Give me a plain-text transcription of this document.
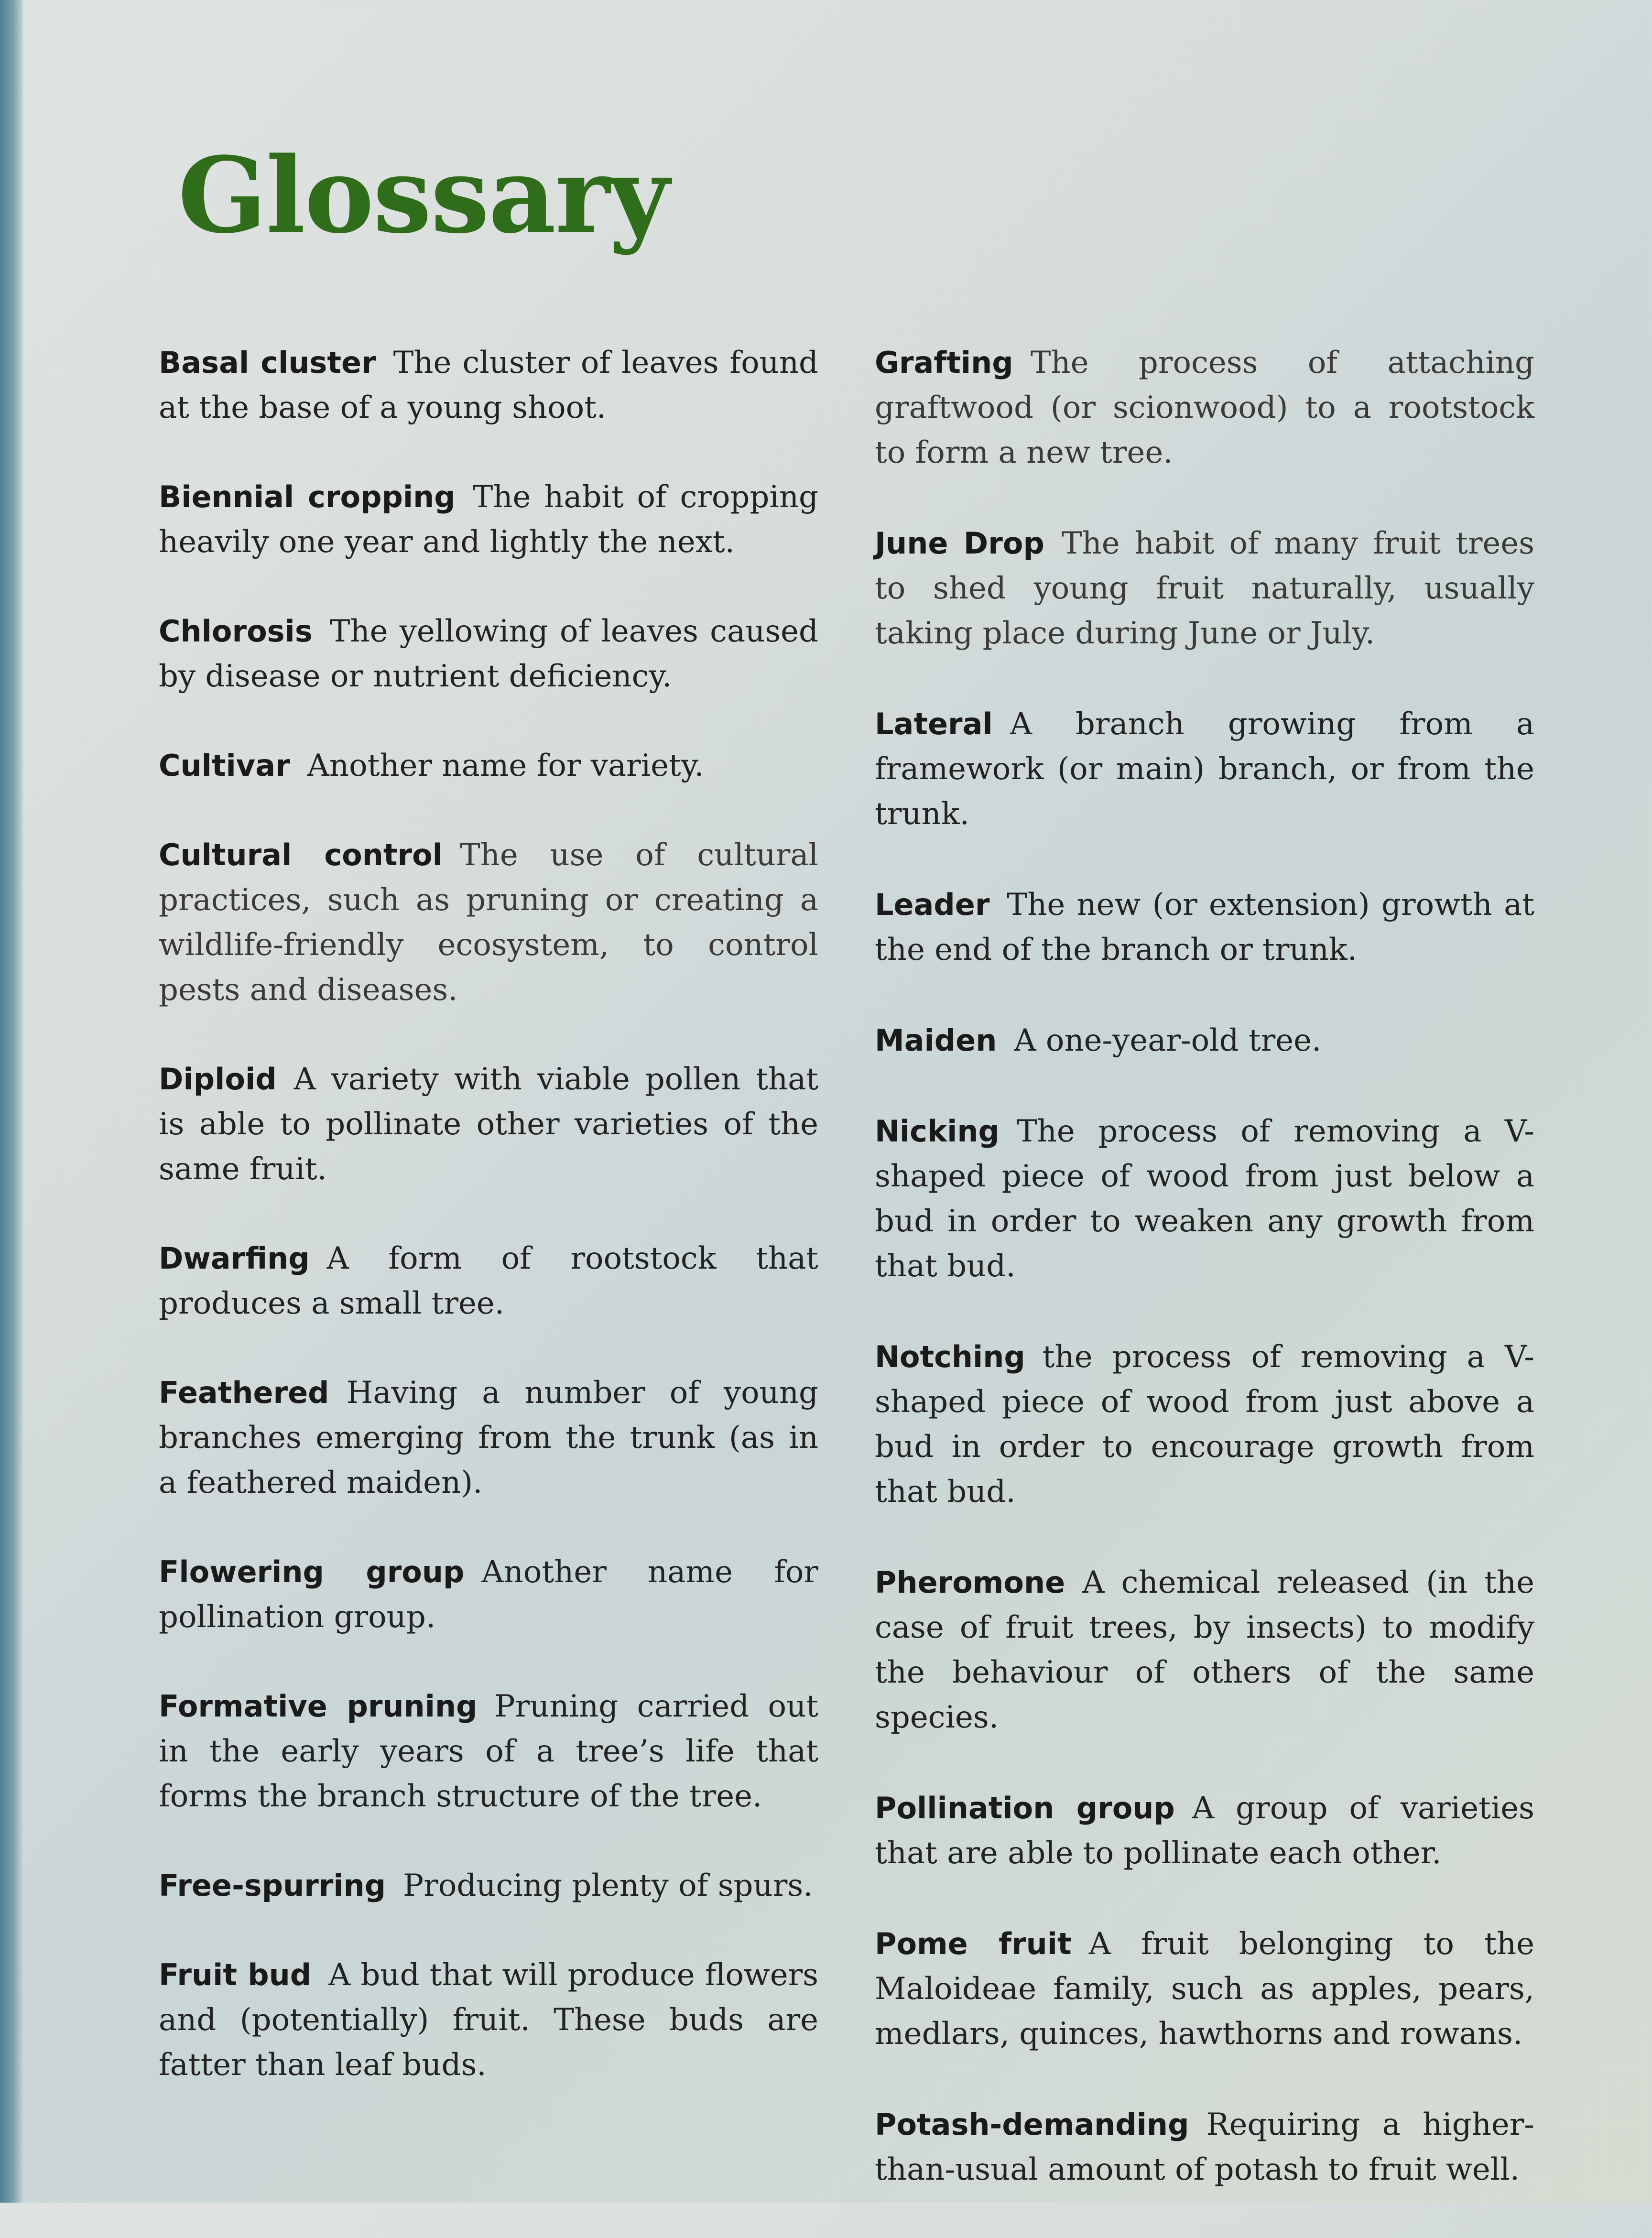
Glossary

Basal cluster The cluster of leaves found at the base of a young shoot.

Biennial cropping The habit of cropping heavily one year and lightly the next.

Chlorosis The yellowing of leaves caused by disease or nutrient deficiency.

Cultivar Another name for variety.

Cultural control The use of cultural practices, such as pruning or creating a wildlife-friendly ecosystem, to control pests and diseases.

Diploid A variety with viable pollen that is able to pollinate other varieties of the same fruit.

Dwarfing A form of rootstock that produces a small tree.

Feathered Having a number of young branches emerging from the trunk (as in a feathered maiden).

Flowering group Another name for pollination group.

Formative pruning Pruning carried out in the early years of a tree’s life that forms the branch structure of the tree.

Free-spurring Producing plenty of spurs.

Fruit bud A bud that will produce flowers and (potentially) fruit. These buds are fatter than leaf buds.

Grafting The process of attaching graftwood (or scionwood) to a rootstock to form a new tree.

June Drop The habit of many fruit trees to shed young fruit naturally, usually taking place during June or July.

Lateral A branch growing from a framework (or main) branch, or from the trunk.

Leader The new (or extension) growth at the end of the branch or trunk.

Maiden A one-year-old tree.

Nicking The process of removing a V-shaped piece of wood from just below a bud in order to weaken any growth from that bud.

Notching the process of removing a V-shaped piece of wood from just above a bud in order to encourage growth from that bud.

Pheromone A chemical released (in the case of fruit trees, by insects) to modify the behaviour of others of the same species.

Pollination group A group of varieties that are able to pollinate each other.

Pome fruit A fruit belonging to the Maloideae family, such as apples, pears, medlars, quinces, hawthorns and rowans.

Potash-demanding Requiring a higher-than-usual amount of potash to fruit well.
